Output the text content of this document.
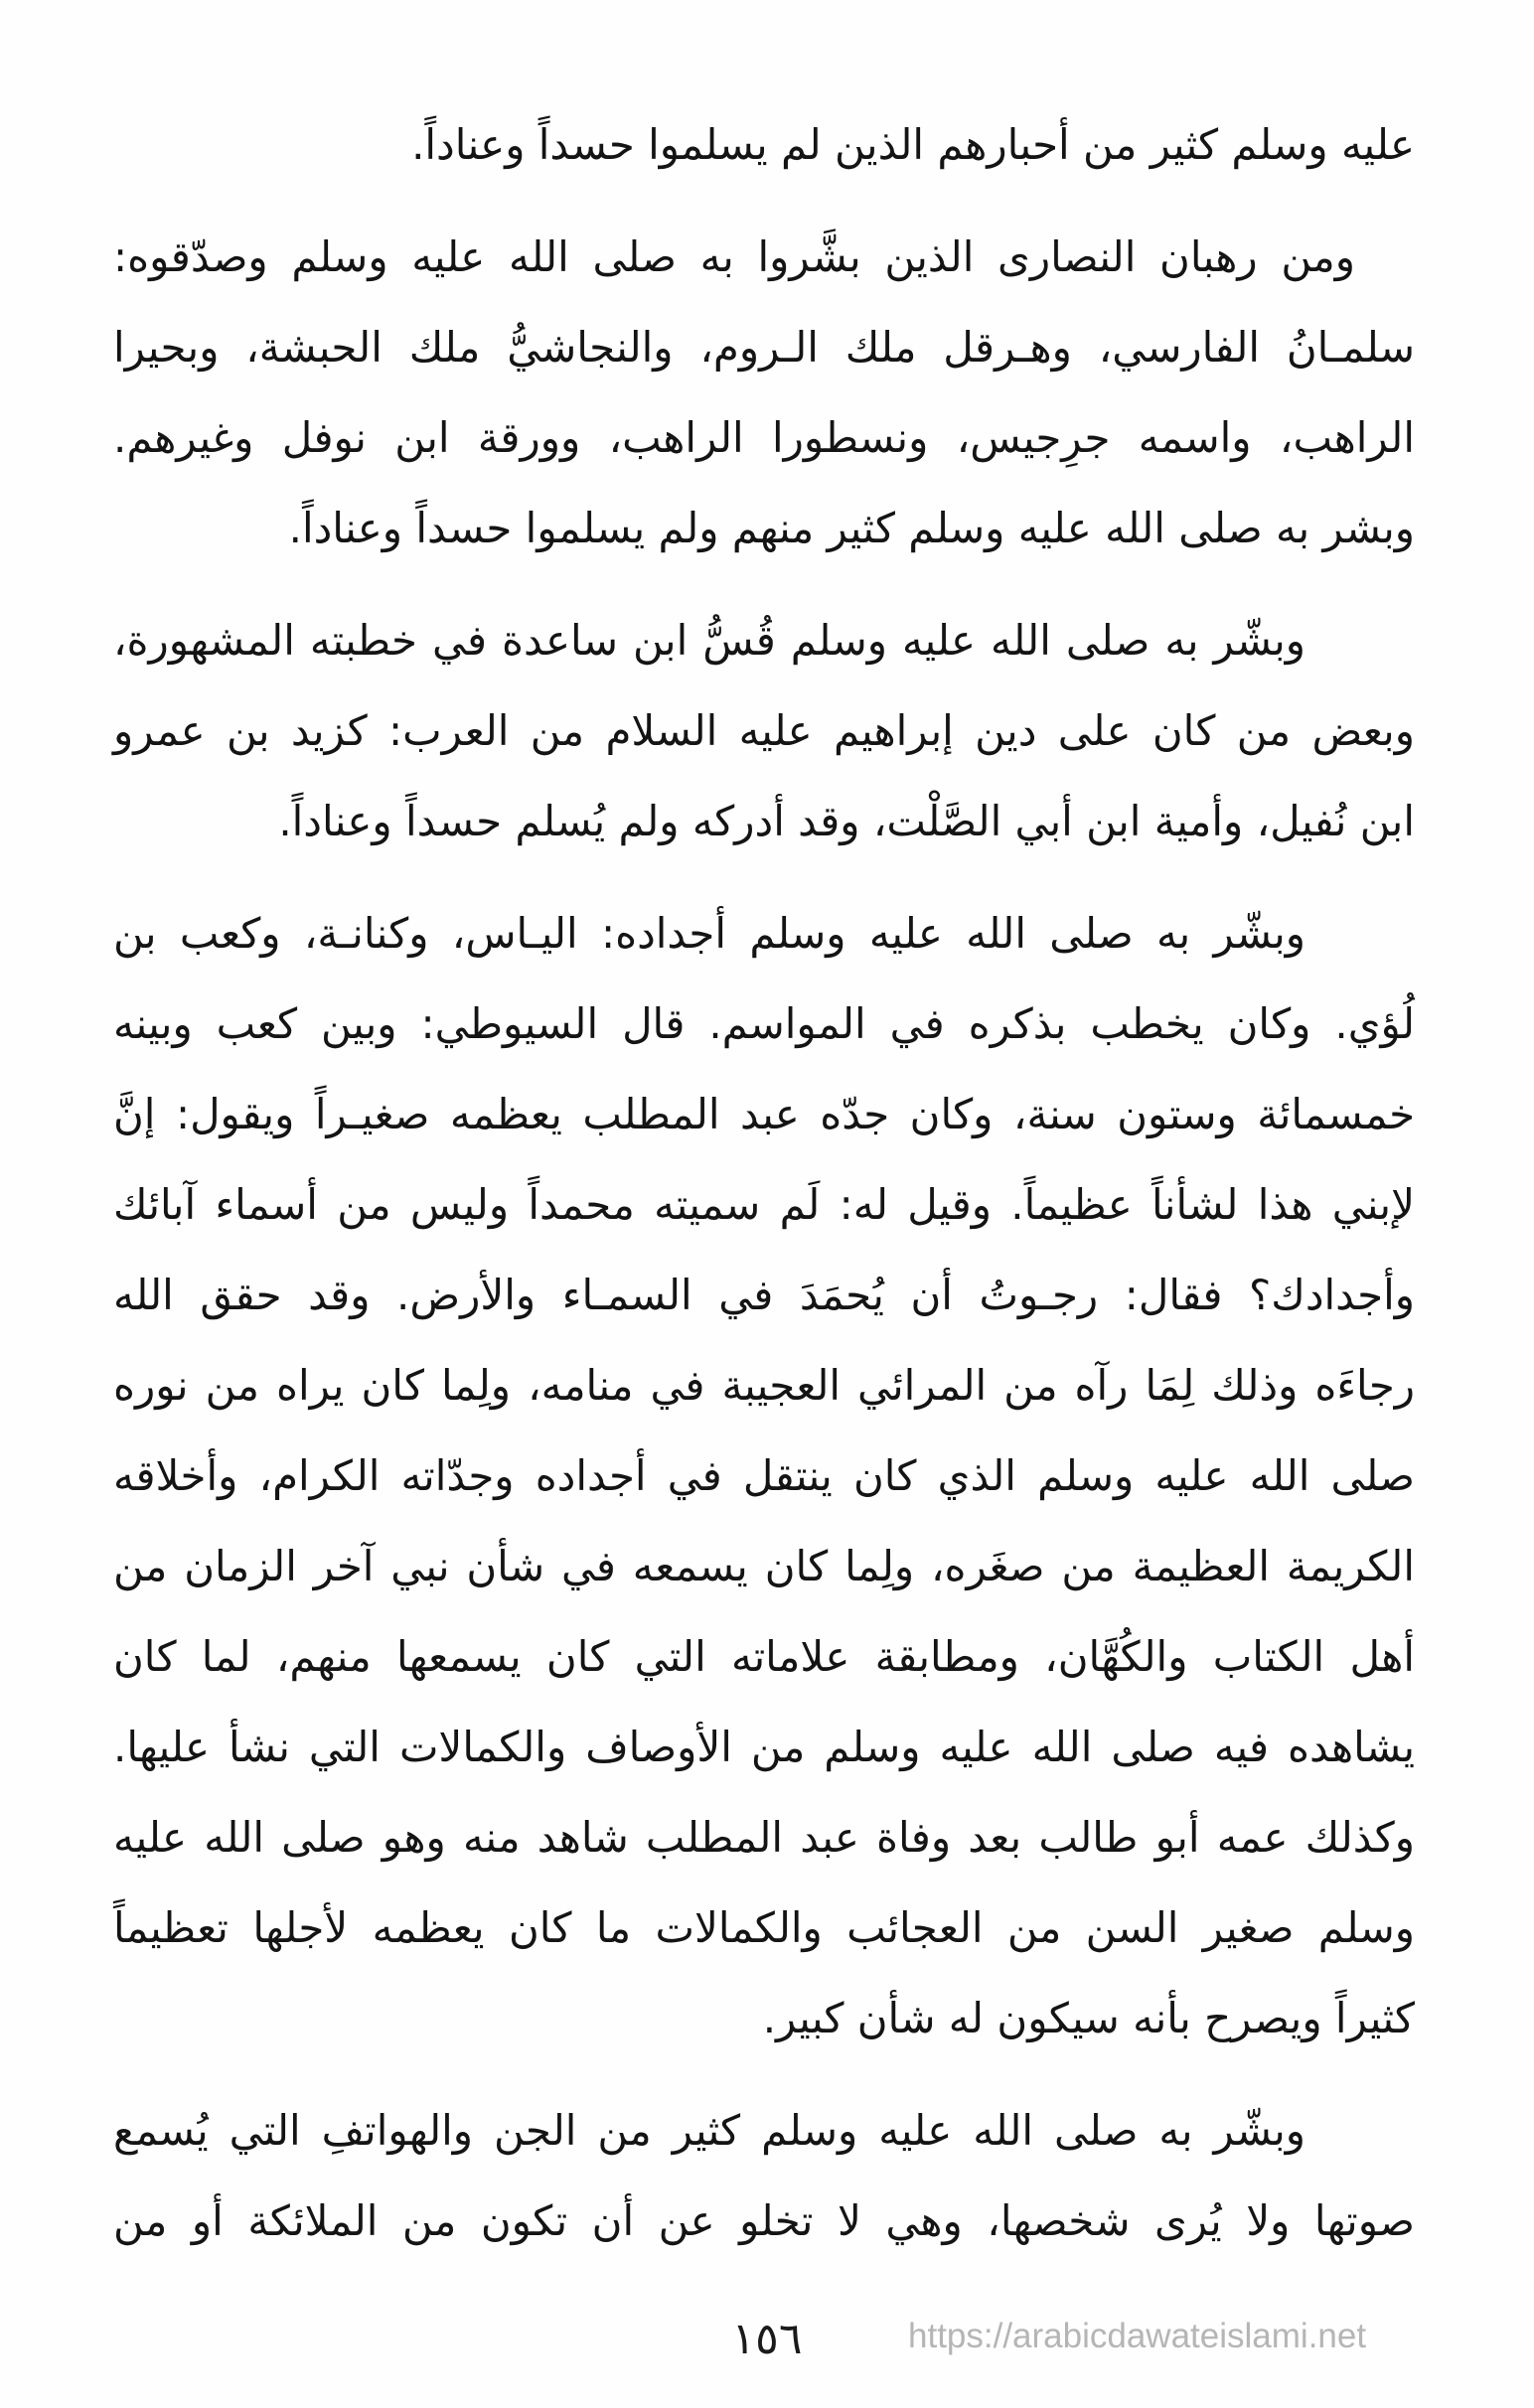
عليه وسلم كثير من أحبارهم الذين لم يسلموا حسداً وعناداً.
ومن رهبان النصارى الذين بشَّروا به صلى الله عليه وسلم وصدّقوه:
سلمـانُ الفارسي، وهـرقل ملك الـروم، والنجاشيُّ ملك الحبشة، وبحيرا
الراهب، واسمه جرِجيس، ونسطورا الراهب، وورقة ابن نوفل وغيرهم.
وبشر به صلى الله عليه وسلم كثير منهم ولم يسلموا حسداً وعناداً.
وبشّر به صلى الله عليه وسلم قُسُّ ابن ساعدة في خطبته المشهورة،
وبعض من كان على دين إبراهيم عليه السلام من العرب: كزيد بن عمرو
ابن نُفيل، وأمية ابن أبي الصَّلْت، وقد أدركه ولم يُسلم حسداً وعناداً.
وبشّر به صلى الله عليه وسلم أجداده: اليـاس، وكنانـة، وكعب بن
لُؤي. وكان يخطب بذكره في المواسم. قال السيوطي: وبين كعب وبينه
خمسمائة وستون سنة، وكان جدّه عبد المطلب يعظمه صغيـراً ويقول: إنَّ
لإبني هذا لشأناً عظيماً. وقيل له: لَم سميته محمداً وليس من أسماء آبائك
وأجدادك؟ فقال: رجـوتُ أن يُحمَدَ في السمـاء والأرض. وقد حقق الله
رجاءَه وذلك لِمَا رآه من المرائي العجيبة في منامه، ولِما كان يراه من نوره
صلى الله عليه وسلم الذي كان ينتقل في أجداده وجدّاته الكرام، وأخلاقه
الكريمة العظيمة من صغَره، ولِما كان يسمعه في شأن نبي آخر الزمان من
أهل الكتاب والكُهَّان، ومطابقة علاماته التي كان يسمعها منهم، لما كان
يشاهده فيه صلى الله عليه وسلم من الأوصاف والكمالات التي نشأ عليها.
وكذلك عمه أبو طالب بعد وفاة عبد المطلب شاهد منه وهو صلى الله عليه
وسلم صغير السن من العجائب والكمالات ما كان يعظمه لأجلها تعظيماً
كثيراً ويصرح بأنه سيكون له شأن كبير.
وبشّر به صلى الله عليه وسلم كثير من الجن والهواتفِ التي يُسمع
صوتها ولا يُرى شخصها، وهي لا تخلو عن أن تكون من الملائكة أو من
١٥٦	https://arabicdawateislami.net
